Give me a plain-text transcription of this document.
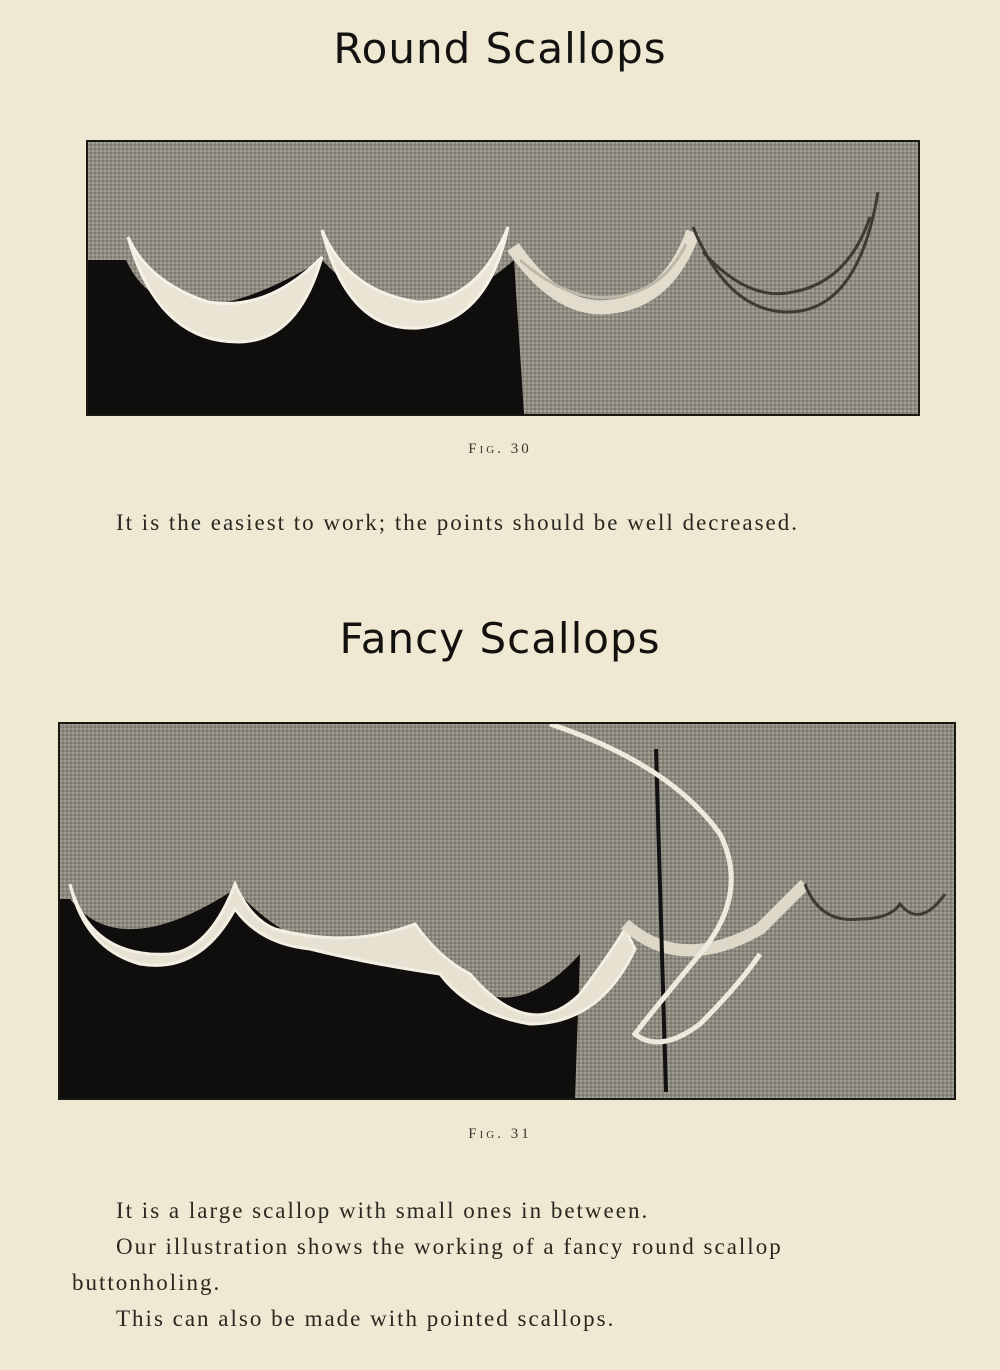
Round Scallops
Fig. 30
It is the easiest to work; the points should be well decreased.
Fancy Scallops
Fig. 31
It is a large scallop with small ones in between.
Our illustration shows the working of a fancy round scallop
buttonholing.
This can also be made with pointed scallops.
